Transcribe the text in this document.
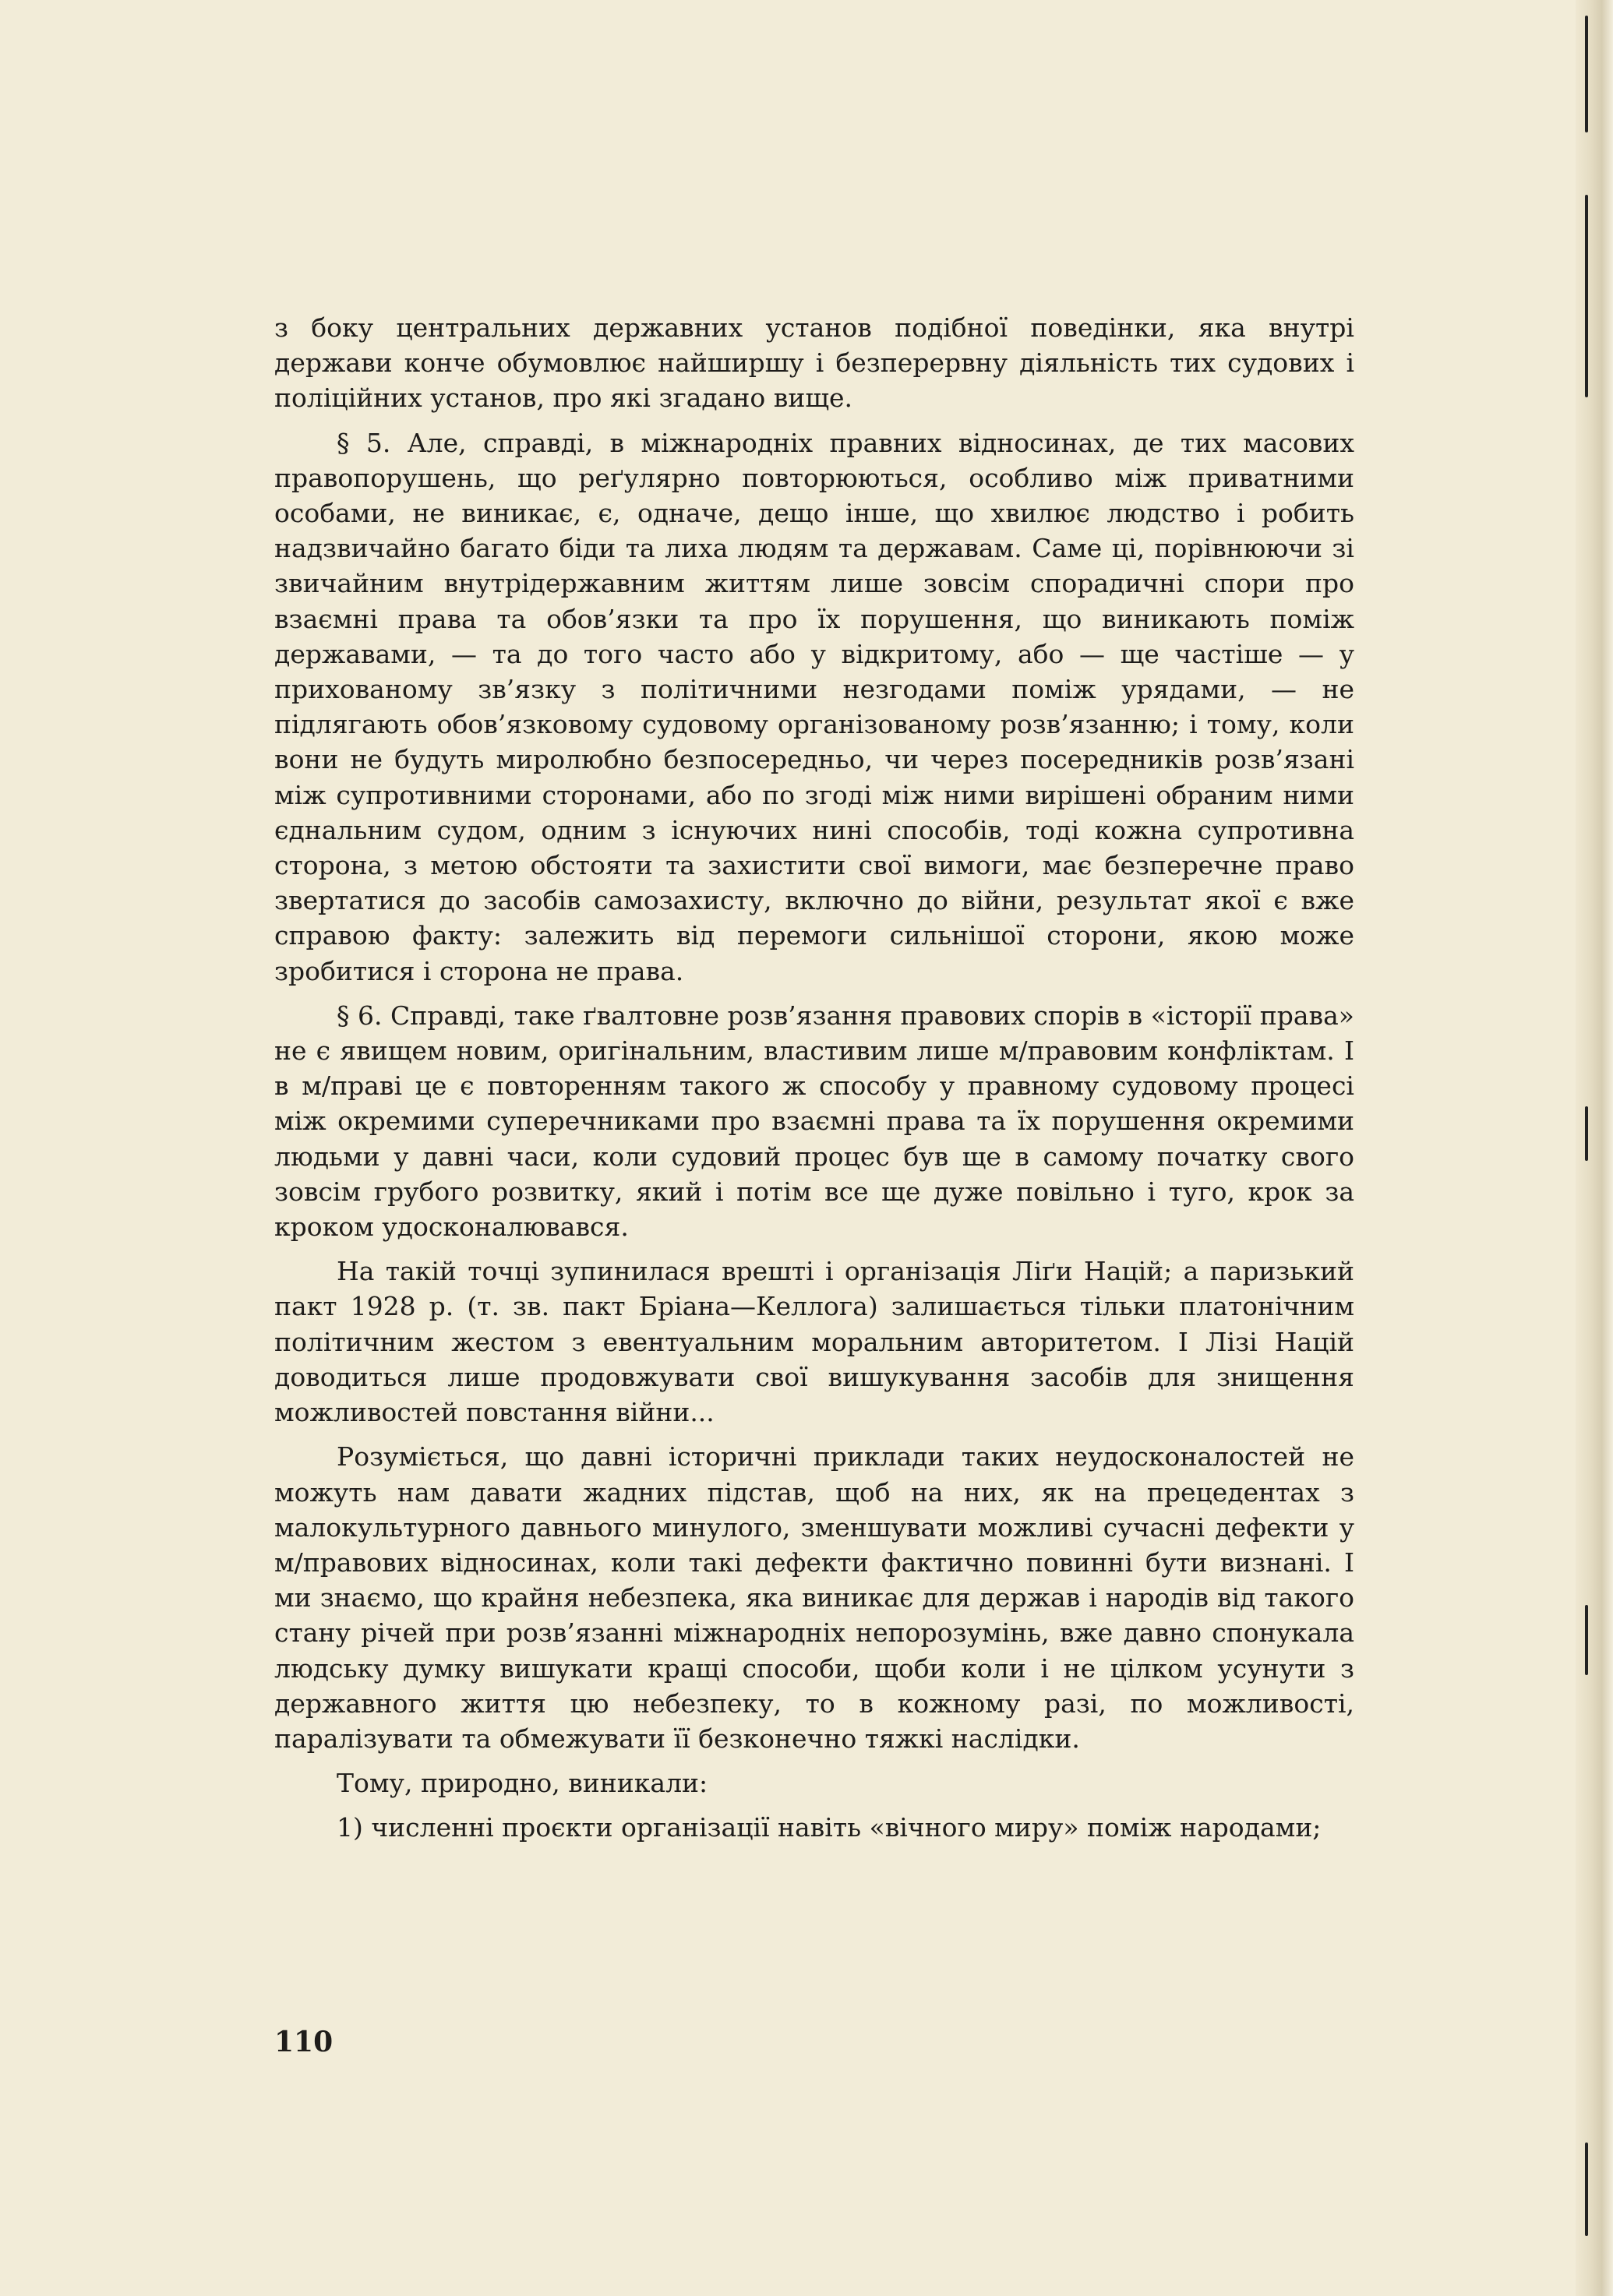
з боку центральних державних установ подібної поведінки, яка внутрі держави конче обумовлює найширшу і безперервну діяльність тих судових і поліційних установ, про які згадано вище.

§ 5. Але, справді, в міжнародніх правних відносинах, де тих масових правопорушень, що реґулярно повторюються, особливо між приватними особами, не виникає, є, одначе, дещо інше, що хвилює людство і робить надзвичайно багато біди та лиха людям та державам. Саме ці, порівнюючи зі звичайним внутрідержавним життям лише зовсім спорадичні спори про взаємні права та обов’язки та про їх порушення, що виникають поміж державами, — та до того часто або у відкритому, або — ще частіше — у прихованому зв’язку з політичними незгодами поміж урядами, — не підлягають обов’язковому судовому організованому розв’язанню; і тому, коли вони не будуть миролюбно безпосередньо, чи через посередників розв’язані між супротивними сторонами, або по згоді між ними вирішені обраним ними єднальним судом, одним з існуючих нині способів, тоді кожна супротивна сторона, з метою обстояти та захистити свої вимоги, має безперечне право звертатися до засобів самозахисту, включно до війни, результат якої є вже справою факту: залежить від перемоги сильнішої сторони, якою може зробитися і сторона не права.

§ 6. Справді, таке ґвалтовне розв’язання правових спорів в «історії права» не є явищем новим, оригінальним, властивим лише м/правовим конфліктам. І в м/праві це є повторенням такого ж способу у правному судовому процесі між окремими суперечниками про взаємні права та їх порушення окремими людьми у давні часи, коли судовий процес був ще в самому початку свого зовсім грубого розвитку, який і потім все ще дуже повільно і туго, крок за кроком удосконалювався.

На такій точці зупинилася врешті і організація Ліґи Націй; а паризький пакт 1928 р. (т. зв. пакт Бріана—Келлога) залишається тільки платонічним політичним жестом з евентуальним моральним авторитетом. І Лізі Націй доводиться лише продовжувати свої вишукування засобів для знищення можливостей повстання війни...

Розуміється, що давні історичні приклади таких неудосконалостей не можуть нам давати жадних підстав, щоб на них, як на прецедентах з малокультурного давнього минулого, зменшувати можливі сучасні дефекти у м/правових відносинах, коли такі дефекти фактично повинні бути визнані. І ми знаємо, що крайня небезпека, яка виникає для держав і народів від такого стану річей при розв’язанні міжнародніх непорозумінь, вже давно спонукала людську думку вишукати кращі способи, щоби коли і не цілком усунути з державного життя цю небезпеку, то в кожному разі, по можливості, паралізувати та обмежувати її безконечно тяжкі наслідки.

Тому, природно, виникали:

1) численні проєкти організації навіть «вічного миру» поміж народами;

110
